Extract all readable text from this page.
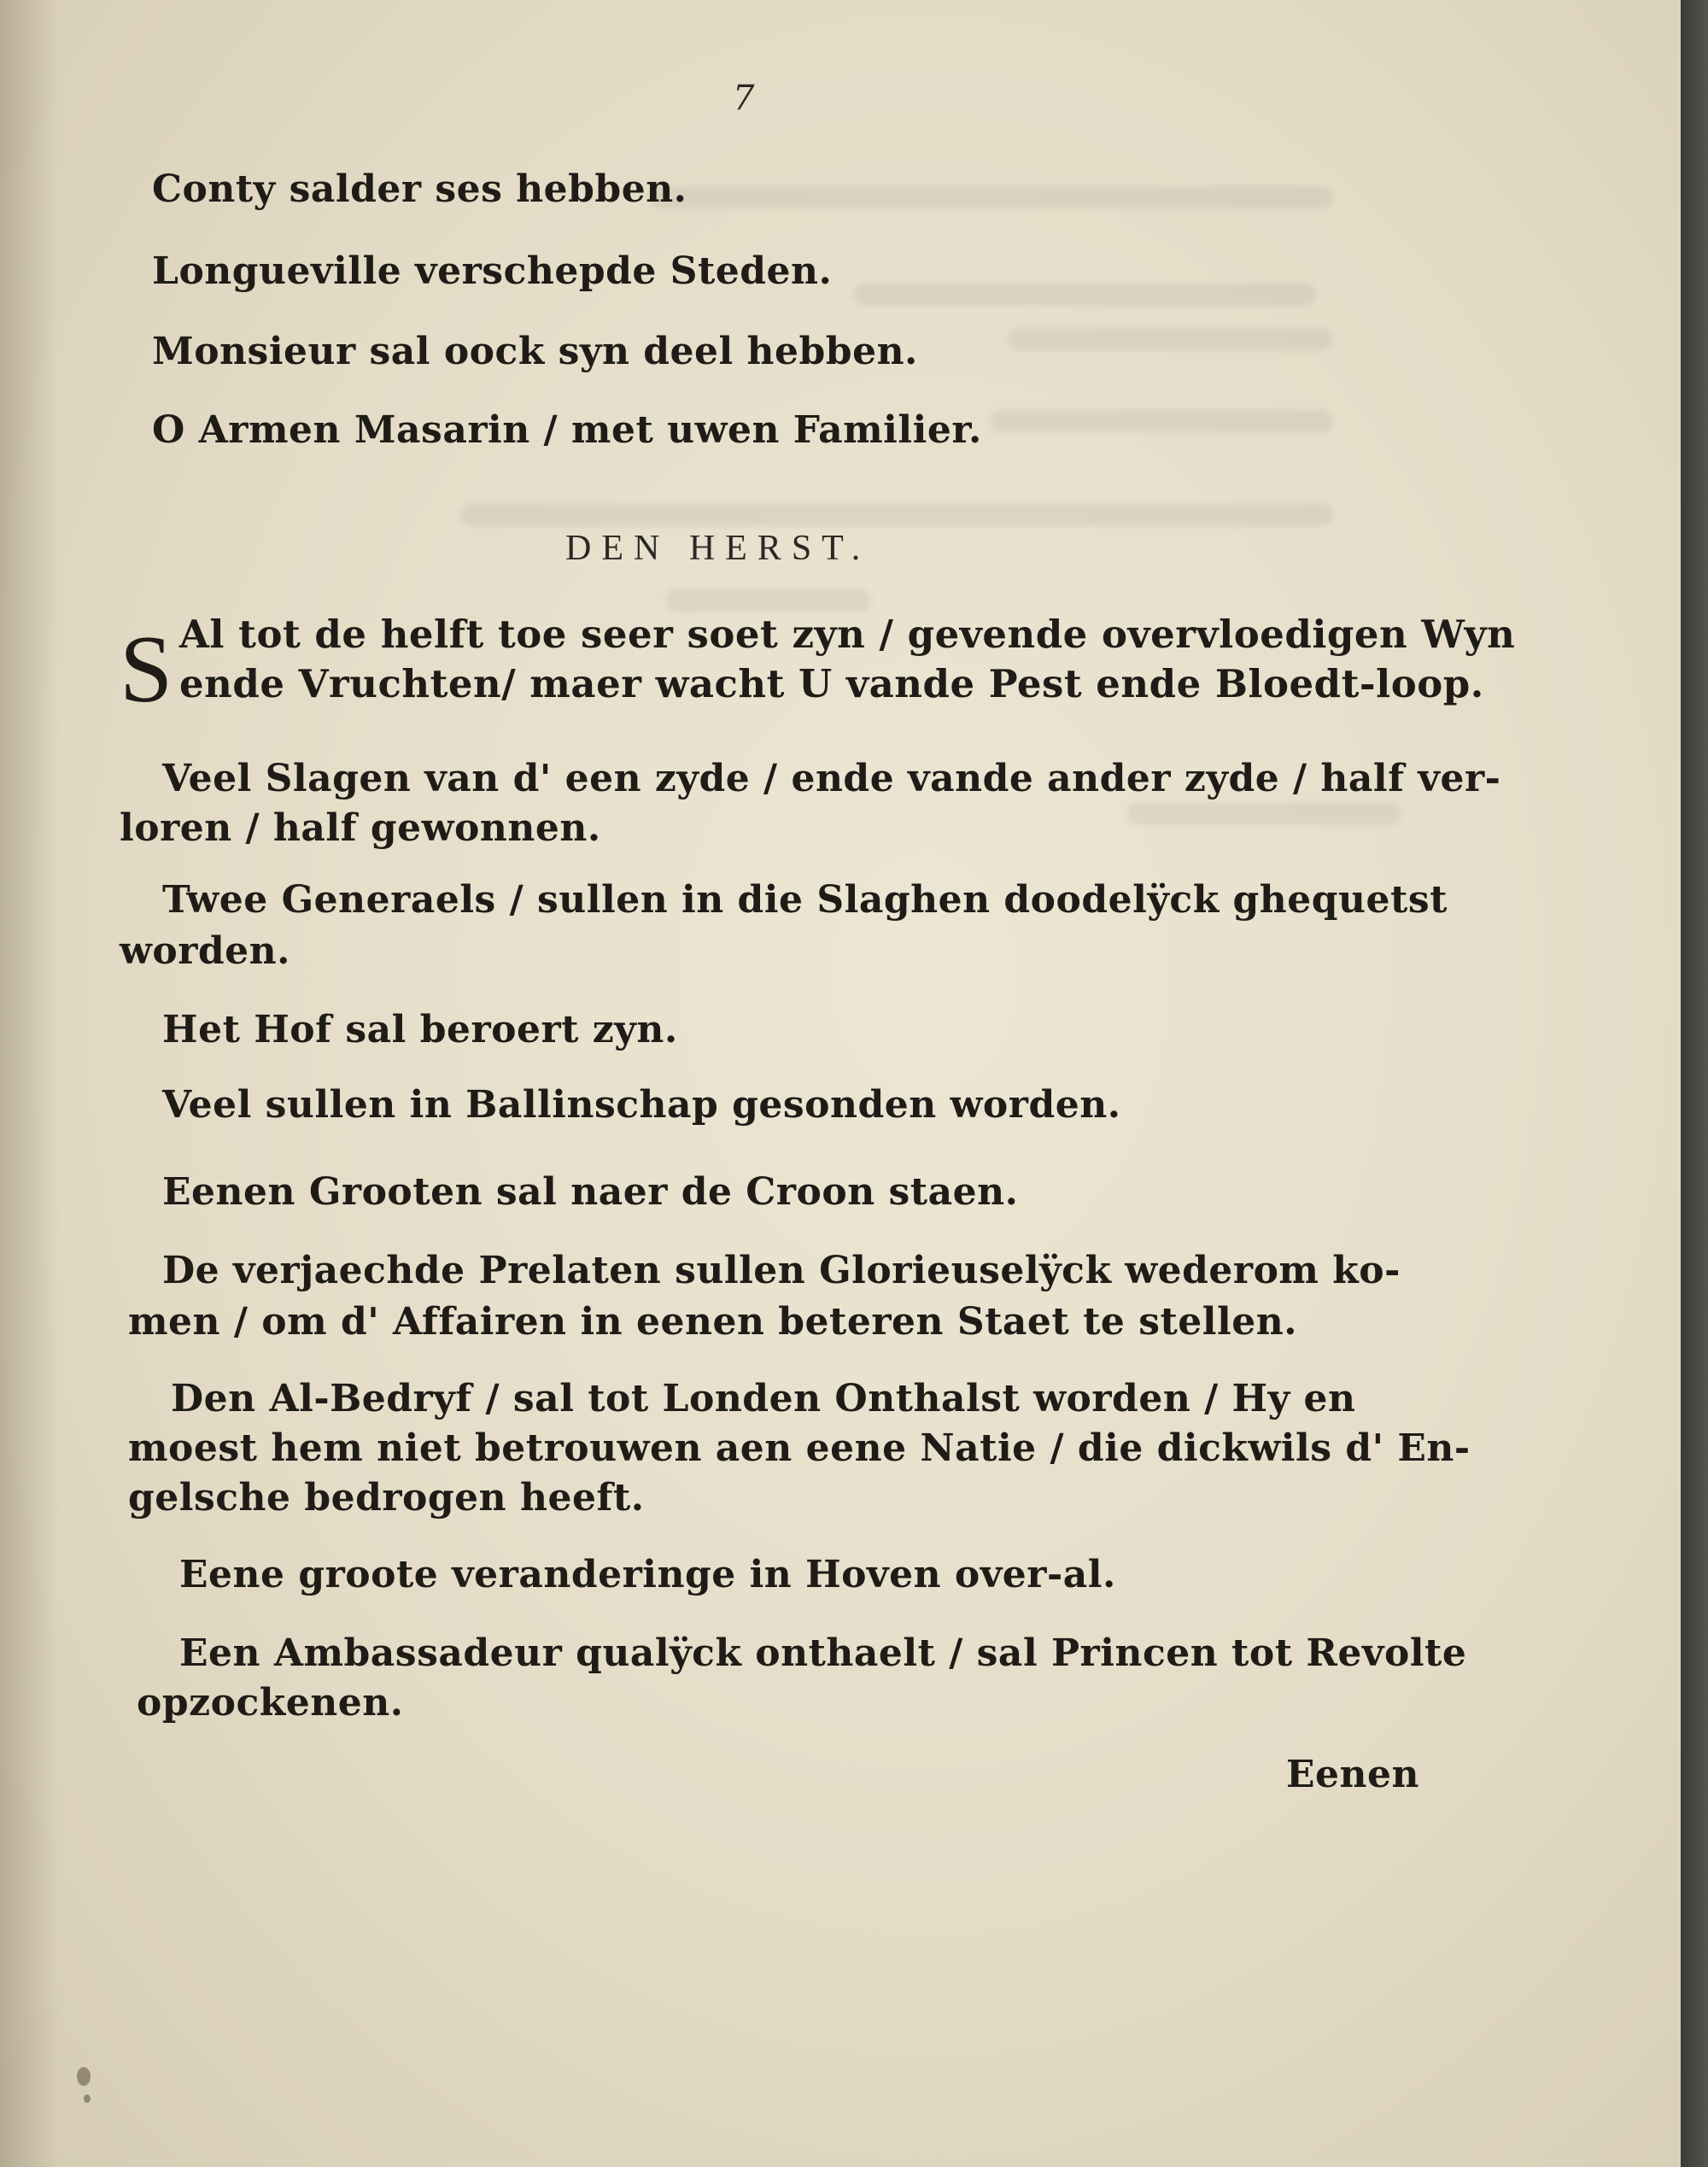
7

Conty salder ses hebben.

Longueville verschepde Steden.

Monsieur sal oock syn deel hebben.

O Armen Masarin / met uwen Familier.

DEN HERST.
S Al tot de helft toe seer soet zyn / gevende overvloedigen Wyn

ende Vruchten/ maer wacht U vande Pest ende Bloedt-loop.

Veel Slagen van d' een zyde / ende vande ander zyde / half ver-

loren / half gewonnen.

Twee Generaels / sullen in die Slaghen doodelÿck ghequetst

worden.

Het Hof sal beroert zyn.

Veel sullen in Ballinschap gesonden worden.

Eenen Grooten sal naer de Croon staen.

De verjaechde Prelaten sullen Glorieuselÿck wederom ko-

men / om d' Affairen in eenen beteren Staet te stellen.

Den Al-Bedryf / sal tot Londen Onthalst worden / Hy en

moest hem niet betrouwen aen eene Natie / die dickwils d' En-

gelsche bedrogen heeft.

Eene groote veranderinge in Hoven over-al.

Een Ambassadeur qualÿck onthaelt / sal Princen tot Revolte

opzockenen.

Eenen
